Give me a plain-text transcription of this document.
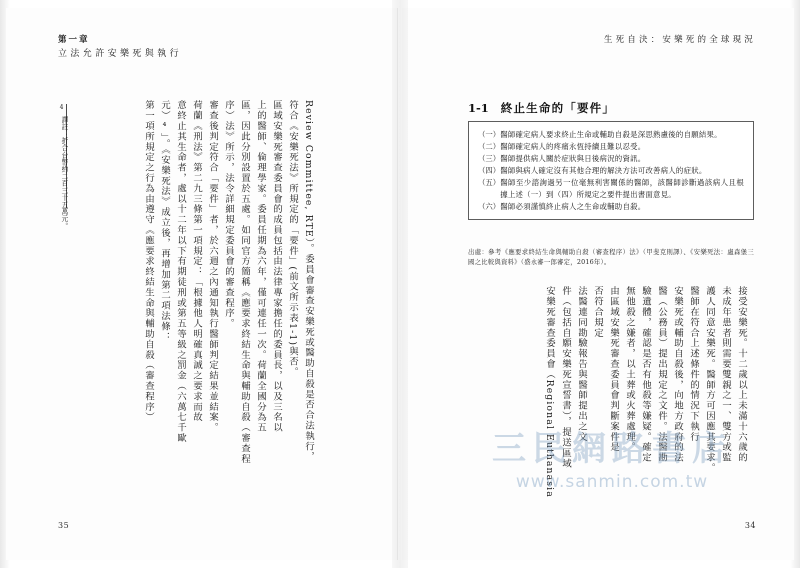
第一章
立法允許安樂死與執行
Review Committee, RTE）。委員會審查安樂死或醫助自殺是否合法執行，
符合《安樂死法》所規定的「要件」(前文所示表1-1)與否。
區域安樂死審查委員會的成員包括由法律專家擔任的委員長，以及三名以
上的醫師、倫理學家。委員任期為六年，僅可連任一次。荷蘭全國分為五
區，因此分別設置於五處。如同官方簡稱《應要求終結生命與輔助自殺（審查程
序）法》所示，法令詳細規定委員會的審查程序。
審查後判定符合「要件」者，於六週之內通知執行醫師判定結果並結案。
荷蘭《刑法》第二九三條第一項規定：「根據他人明確真誠之要求而故
意終止其生命者，處以十二年以下有期徒刑或第五等級之罰金（六萬七千歐
元）⁴」。《安樂死法》成立後，再增加第二項法條：
第一項所規定之行為由遵守《應要求終結生命與輔助自殺（審查程序）
4
譯註：折合台幣約二百三十五萬元。
35
生死自決：安樂死的全球現況
1-1 終止生命的「要件」
（一） 醫師確定病人要求終止生命或輔助自殺是深思熟慮後的自願結果。
（二） 醫師確定病人的疼痛永恆持續且難以忍受。
（三） 醫師提供病人關於症狀與日後病況的資訊。
（四） 醫師與病人確定沒有其他合理的解決方法可改善病人的症狀。
（五） 醫師至少諮詢過另一位毫無利害關係的醫師，該醫師診斷過該病人且根據上述（一）到（四）所規定之要件提出書面意見。
（六） 醫師必須謹慎終止病人之生命或輔助自殺。
出處：參考《應要求終結生命與輔助自殺（審查程序）法》（甲斐克則譯）、《安樂死法：盧森堡三國之比較與資料》（盛永審一郎審定，2016年）。
接受安樂死。十二歲以上未滿十六歲的
未成年患者則需要雙親之一、雙方或監
護人同意安樂死。醫師方可因應其要求。
醫師在符合上述條件的情況下執行
安樂死或輔助自殺後，向地方政府的法
醫（公務員）提出規定之文件。法醫勘
驗遺體，確認是否有他殺等嫌疑。確定
無他殺之嫌者，以土葬或火葬處理。
由區域安樂死審查委員會判斷案件是
否符合規定
法醫連同勘驗報告與醫師提出之文
件（包括自願安樂死宣誓書），提送區域
安樂死審查委員會（Regional Euthanasia
34
三民網路書店
www.sanmin.com.tw
